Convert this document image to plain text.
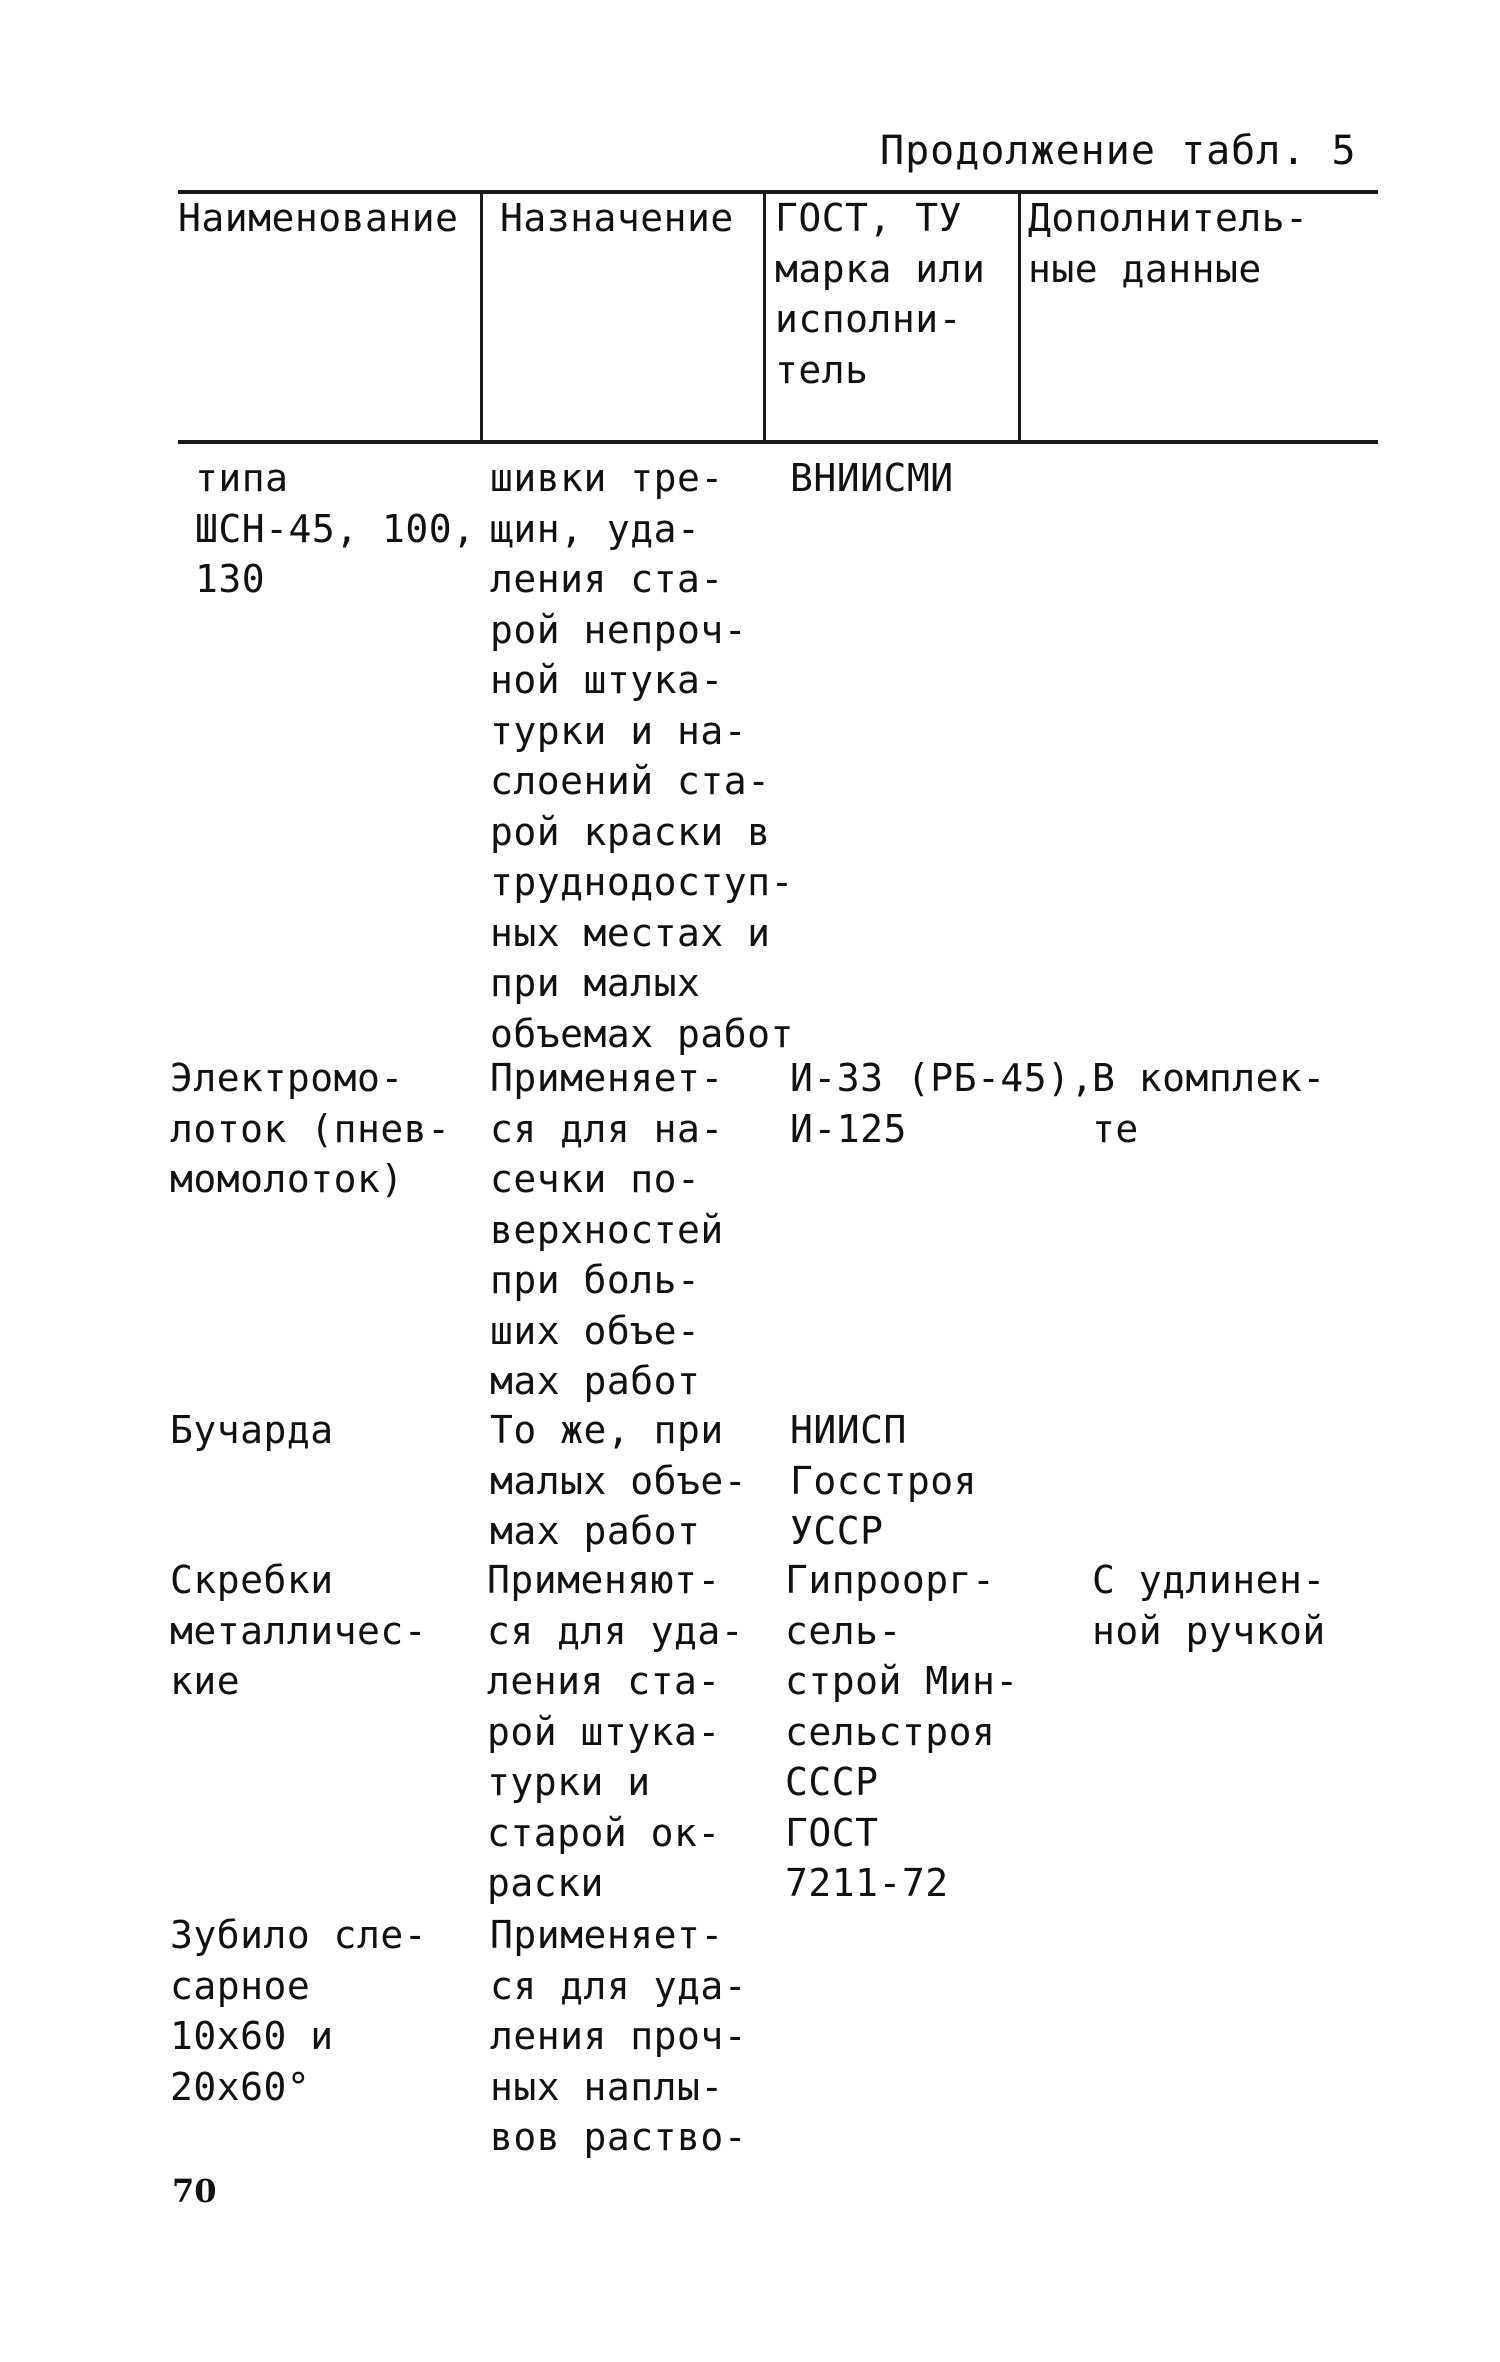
Продолжение табл. 5
Наименование Назначение ГОСТ, ТУ
марка или
исполни-
тель
Дополнитель-
ные данные
типа
ШСН-45, 100,
130
шивки тре-
щин, уда-
ления ста-
рой непроч-
ной штука-
турки и на-
слоений ста-
рой краски в
труднодоступ-
ных местах и
при малых
объемах работ
ВНИИСМИ
Электромо-
лоток (пнев-
момолоток)
Применяет-
ся для на-
сечки по-
верхностей
при боль-
ших объе-
мах работ
И-33 (РБ-45),
И-125
В комплек-
те
Бучарда	То же, при
малых объе-
мах работ
НИИСП
Госстроя
УССР
Скребки
металличес-
кие
Применяют-
ся для уда-
ления ста-
рой штука-
турки и
старой ок-
раски
Гипроорг-
сель-
строй Мин-
сельстроя
СССР
ГОСТ
7211-72
С удлинен-
ной ручкой
Зубило сле-
сарное
10х60 и
20х60°
Применяет-
ся для уда-
ления проч-
ных наплы-
вов раство-
70
